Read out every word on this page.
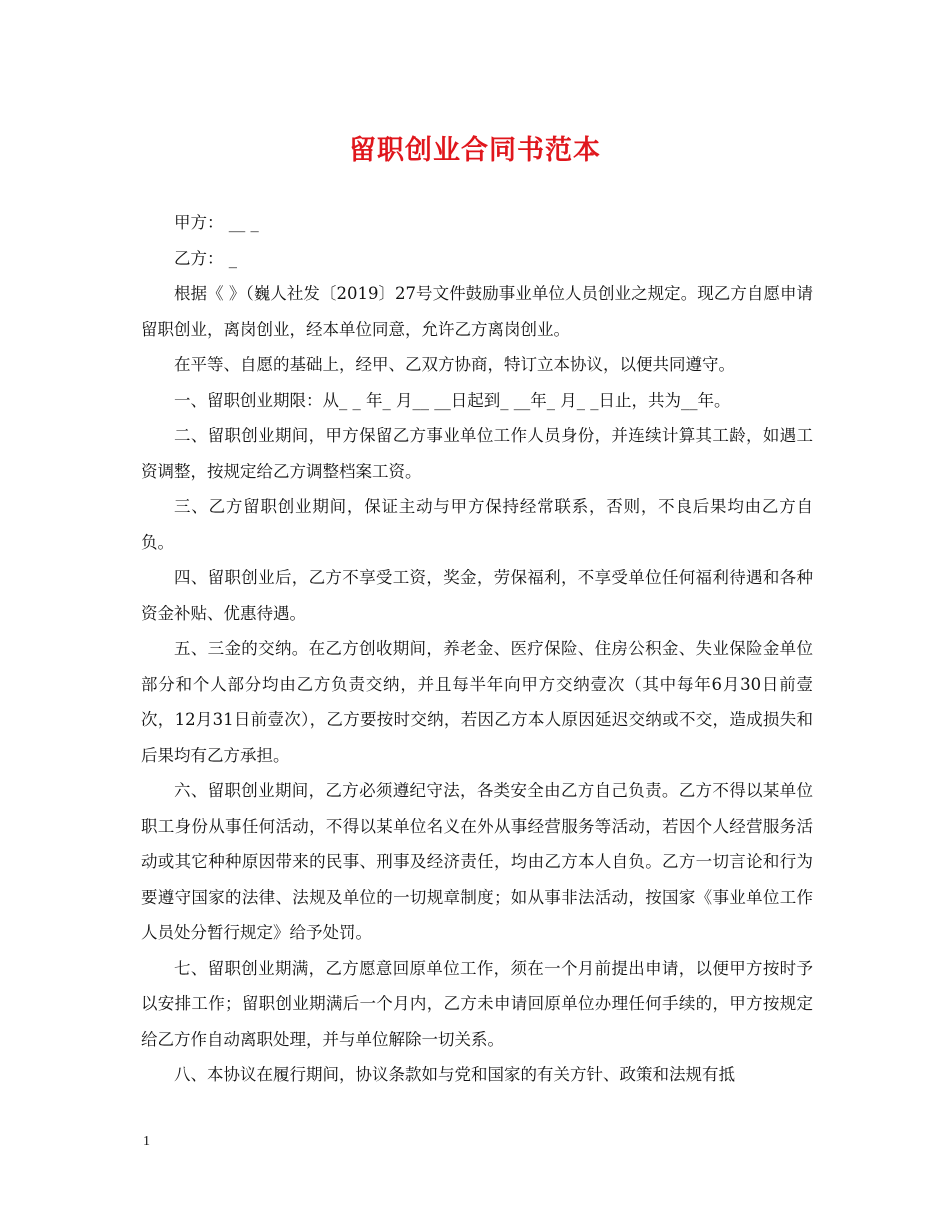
留职创业合同书范本

甲方： __ _

乙方： _

根据《 》（巍人社发〔2019〕27号文件鼓励事业单位人员创业之规定。现乙方自愿申请留职创业，离岗创业，经本单位同意，允许乙方离岗创业。

在平等、自愿的基础上，经甲、乙双方协商，特订立本协议，以便共同遵守。

一、留职创业期限：从_ _ 年_ 月__ __日起到_ __年_ 月_ _日止，共为__年。

二、留职创业期间，甲方保留乙方事业单位工作人员身份，并连续计算其工龄，如遇工资调整，按规定给乙方调整档案工资。

三、乙方留职创业期间，保证主动与甲方保持经常联系，否则，不良后果均由乙方自负。

四、留职创业后，乙方不享受工资，奖金，劳保福利，不享受单位任何福利待遇和各种资金补贴、优惠待遇。

五、三金的交纳。在乙方创收期间，养老金、医疗保险、住房公积金、失业保险金单位部分和个人部分均由乙方负责交纳，并且每半年向甲方交纳壹次（其中每年6月30日前壹次，12月31日前壹次），乙方要按时交纳，若因乙方本人原因延迟交纳或不交，造成损失和后果均有乙方承担。

六、留职创业期间，乙方必须遵纪守法，各类安全由乙方自己负责。乙方不得以某单位职工身份从事任何活动，不得以某单位名义在外从事经营服务等活动，若因个人经营服务活动或其它种种原因带来的民事、刑事及经济责任，均由乙方本人自负。乙方一切言论和行为要遵守国家的法律、法规及单位的一切规章制度；如从事非法活动，按国家《事业单位工作人员处分暂行规定》给予处罚。

七、留职创业期满，乙方愿意回原单位工作，须在一个月前提出申请，以便甲方按时予以安排工作；留职创业期满后一个月内，乙方未申请回原单位办理任何手续的，甲方按规定给乙方作自动离职处理，并与单位解除一切关系。

八、本协议在履行期间，协议条款如与党和国家的有关方针、政策和法规有抵

1
